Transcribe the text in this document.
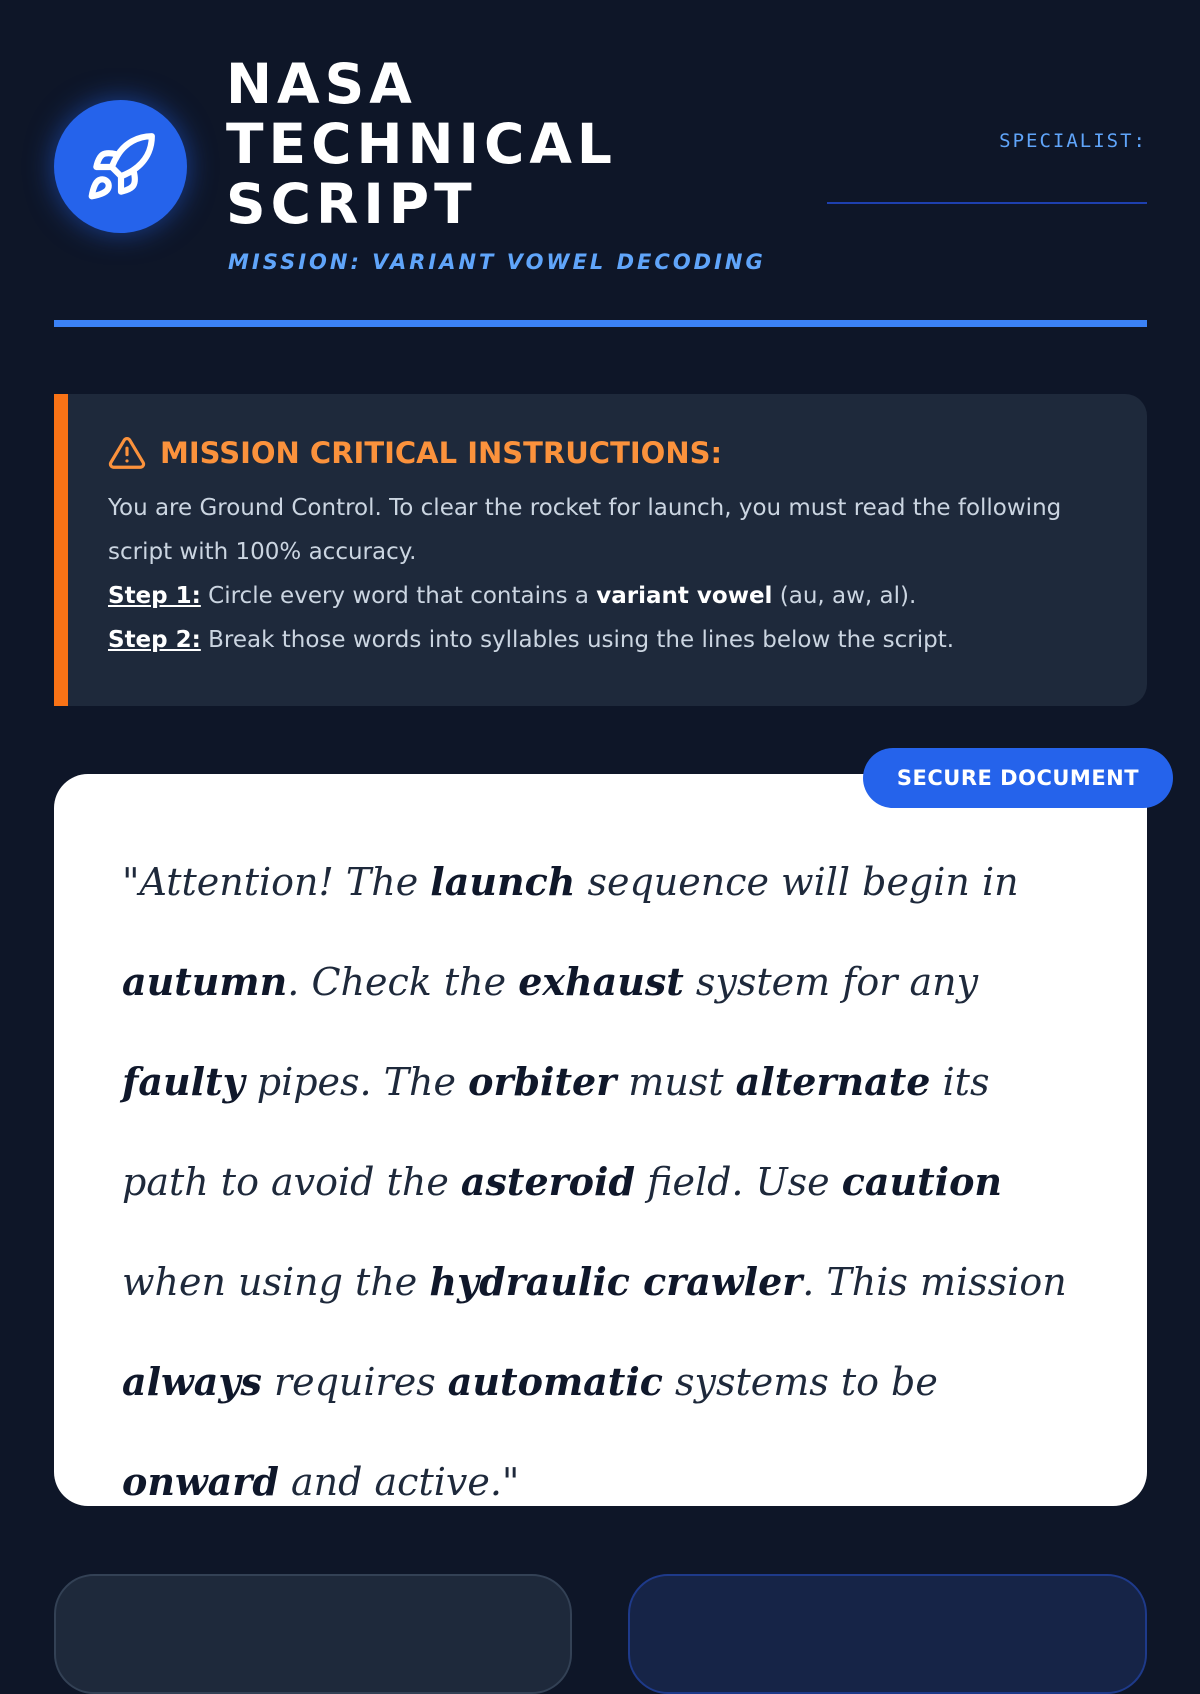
NASA
TECHNICAL
SCRIPT

MISSION: VARIANT VOWEL DECODING

SPECIALIST:
MISSION CRITICAL INSTRUCTIONS:

You are Ground Control. To clear the rocket for launch, you must read the following script with 100% accuracy.

Step 1: Circle every word that contains a variant vowel (au, aw, al).

Step 2: Break those words into syllables using the lines below the script.

"Attention! The launch sequence will begin in autumn. Check the exhaust system for any faulty pipes. The orbiter must alternate its path to avoid the asteroid field. Use caution when using the hydraulic crawler. This mission always requires automatic systems to be onward and active."

SECURE DOCUMENT
